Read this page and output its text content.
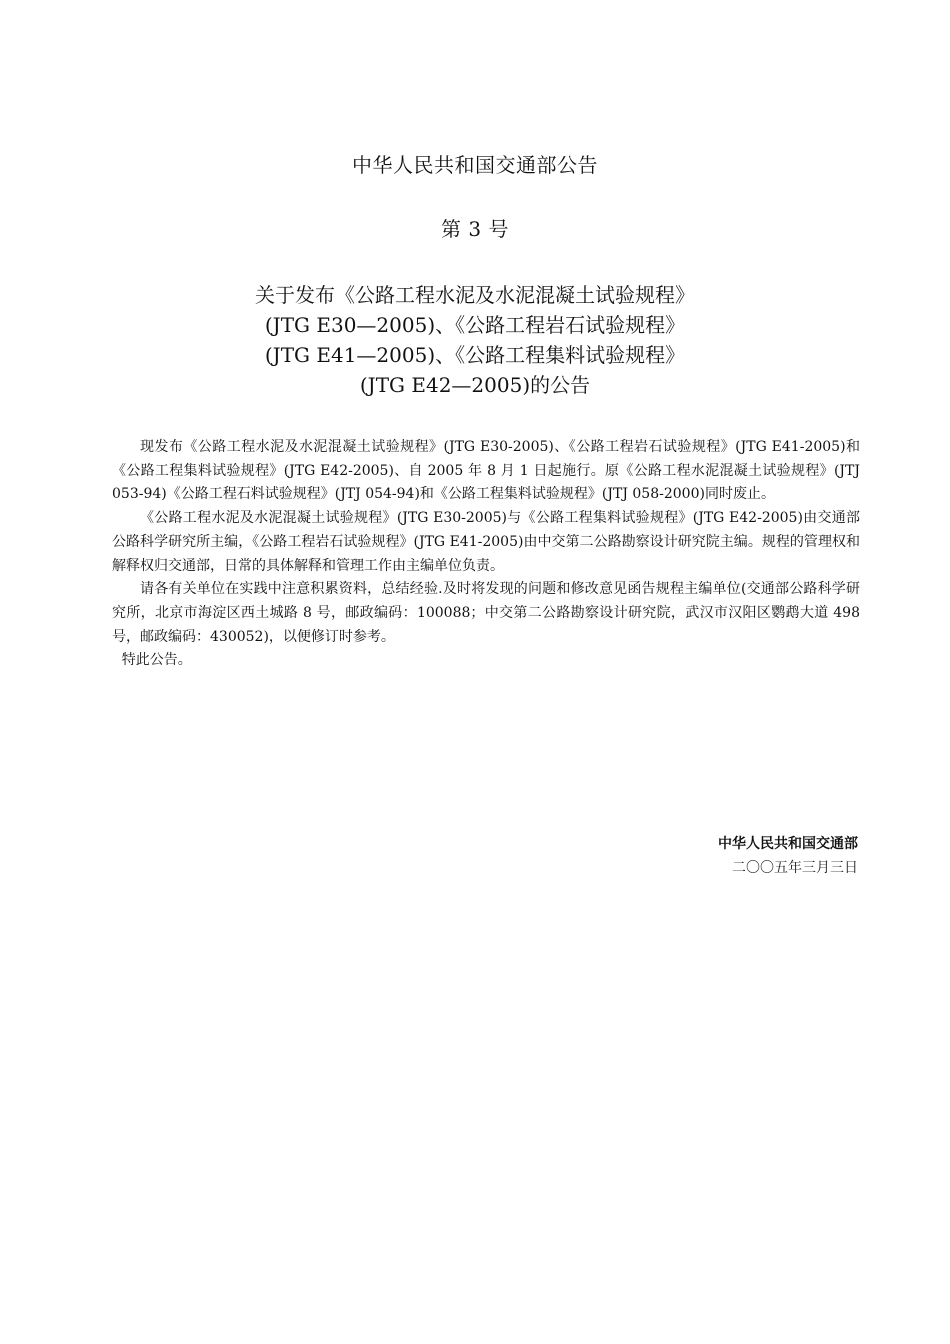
中华人民共和国交通部公告
第 3 号
关于发布《公路工程水泥及水泥混凝土试验规程》
(JTG E30—2005)、《公路工程岩石试验规程》
(JTG E41—2005)、《公路工程集料试验规程》
(JTG E42—2005)的公告

现发布《公路工程水泥及水泥混凝土试验规程》(JTG E30-2005)、《公路工程岩石试验规程》(JTG E41-2005)和《公路工程集料试验规程》(JTG E42-2005)、自 2005 年 8 月 1 日起施行。原《公路工程水泥混凝土试验规程》(JTJ 053-94)《公路工程石料试验规程》(JTJ 054-94)和《公路工程集料试验规程》(JTJ 058-2000)同时废止。

《公路工程水泥及水泥混凝土试验规程》(JTG E30-2005)与《公路工程集料试验规程》(JTG E42-2005)由交通部公路科学研究所主编，《公路工程岩石试验规程》(JTG E41-2005)由中交第二公路勘察设计研究院主编。规程的管理权和解释权归交通部，日常的具体解释和管理工作由主编单位负责。

请各有关单位在实践中注意积累资料，总结经验.及时将发现的问题和修改意见函告规程主编单位(交通部公路科学研究所，北京市海淀区西土城路 8 号，邮政编码：100088；中交第二公路勘察设计研究院，武汉市汉阳区鹦鹉大道 498 号，邮政编码：430052)，以便修订时参考。

特此公告。

中华人民共和国交通部
二〇〇五年三月三日
